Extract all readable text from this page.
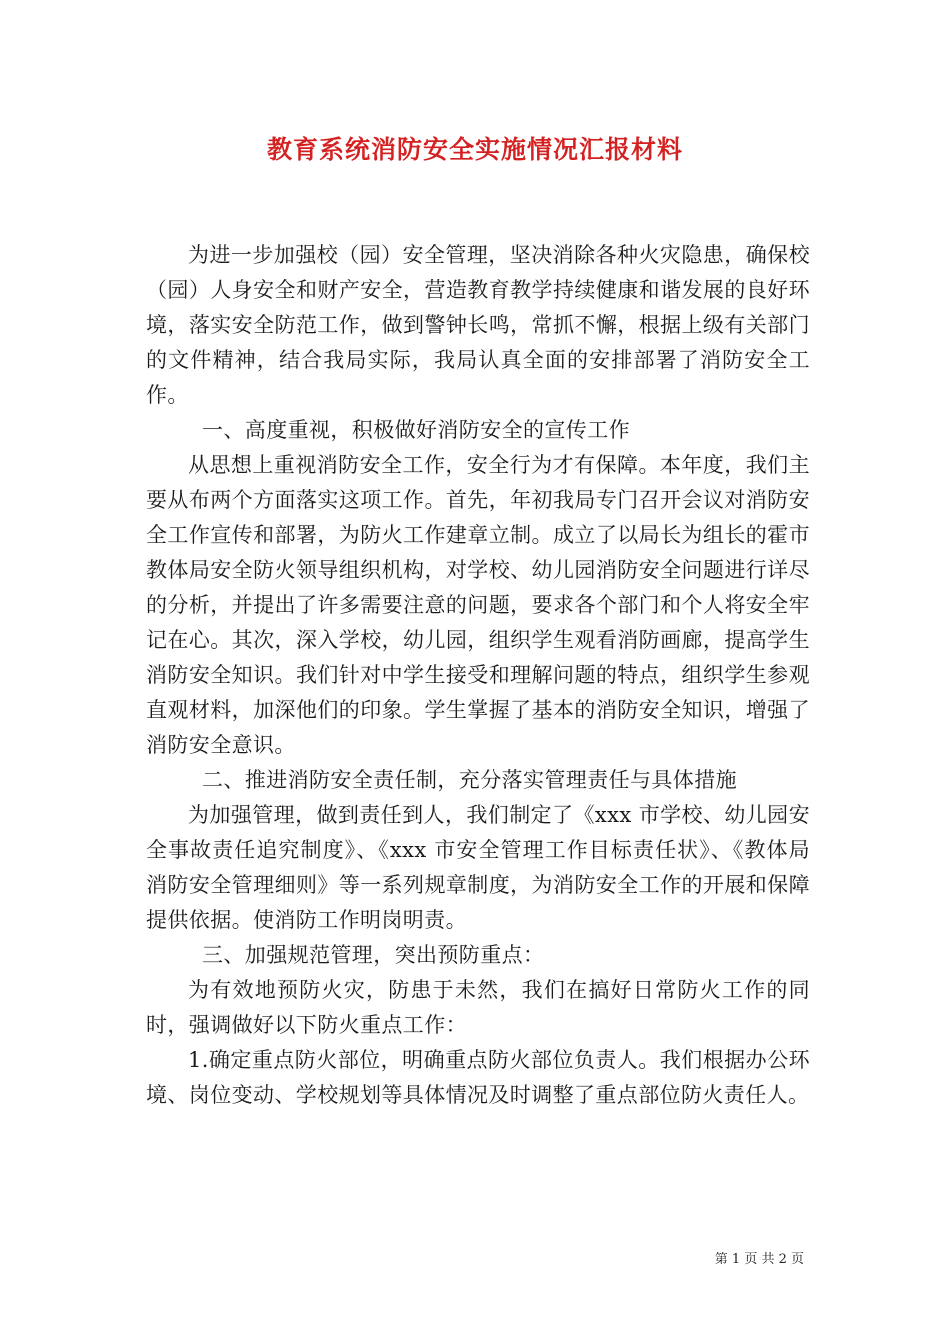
教育系统消防安全实施情况汇报材料

为进一步加强校（园）安全管理，坚决消除各种火灾隐患，确保校（园）人身安全和财产安全，营造教育教学持续健康和谐发展的良好环境，落实安全防范工作，做到警钟长鸣，常抓不懈，根据上级有关部门的文件精神，结合我局实际，我局认真全面的安排部署了消防安全工作。

一、高度重视，积极做好消防安全的宣传工作

从思想上重视消防安全工作，安全行为才有保障。本年度，我们主要从布两个方面落实这项工作。首先，年初我局专门召开会议对消防安全工作宣传和部署，为防火工作建章立制。成立了以局长为组长的霍市教体局安全防火领导组织机构，对学校、幼儿园消防安全问题进行详尽的分析，并提出了许多需要注意的问题，要求各个部门和个人将安全牢记在心。其次，深入学校，幼儿园，组织学生观看消防画廊，提高学生消防安全知识。我们针对中学生接受和理解问题的特点，组织学生参观直观材料，加深他们的印象。学生掌握了基本的消防安全知识，增强了消防安全意识。

二、推进消防安全责任制，充分落实管理责任与具体措施

为加强管理，做到责任到人，我们制定了《xxx 市学校、幼儿园安全事故责任追究制度》、《xxx 市安全管理工作目标责任状》、《教体局消防安全管理细则》等一系列规章制度，为消防安全工作的开展和保障提供依据。使消防工作明岗明责。

三、加强规范管理，突出预防重点：

为有效地预防火灾，防患于未然，我们在搞好日常防火工作的同时，强调做好以下防火重点工作：

1.确定重点防火部位，明确重点防火部位负责人。我们根据办公环境、岗位变动、学校规划等具体情况及时调整了重点部位防火责任人。

第 1 页 共 2 页
